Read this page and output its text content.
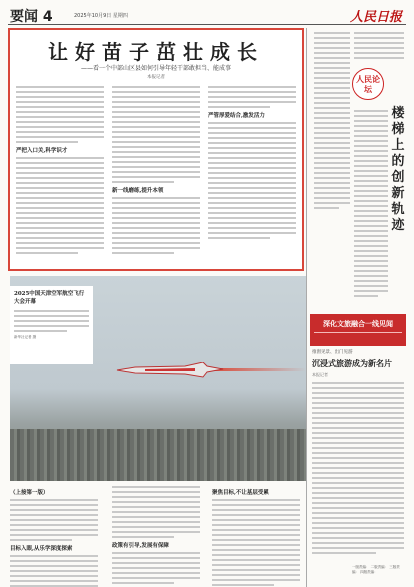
要闻 4	2025年10月9日 星期四	人民日报
让好苗子茁壮成长
——看一个中部山区县如何引导年轻干部敢担当、能成事
本报记者
严把入口关,科学识才
新一线磨练,提升本领
严管厚爱结合,激发活力
2025中国天津空军航空飞行大会开幕
新华社记者 摄
人民论坛
楼梯上的创新轨迹
深化文旅融合一线见闻
推窗见景、出门见游
沉浸式旅游成为新名片
本报记者
（上接第一版）
目标入眼,从乐学深度探索	政策有引导,发展有保障
聚焦目标,不让基层受累
一版责编： 二版责编： 三版责编： 四版责编：
